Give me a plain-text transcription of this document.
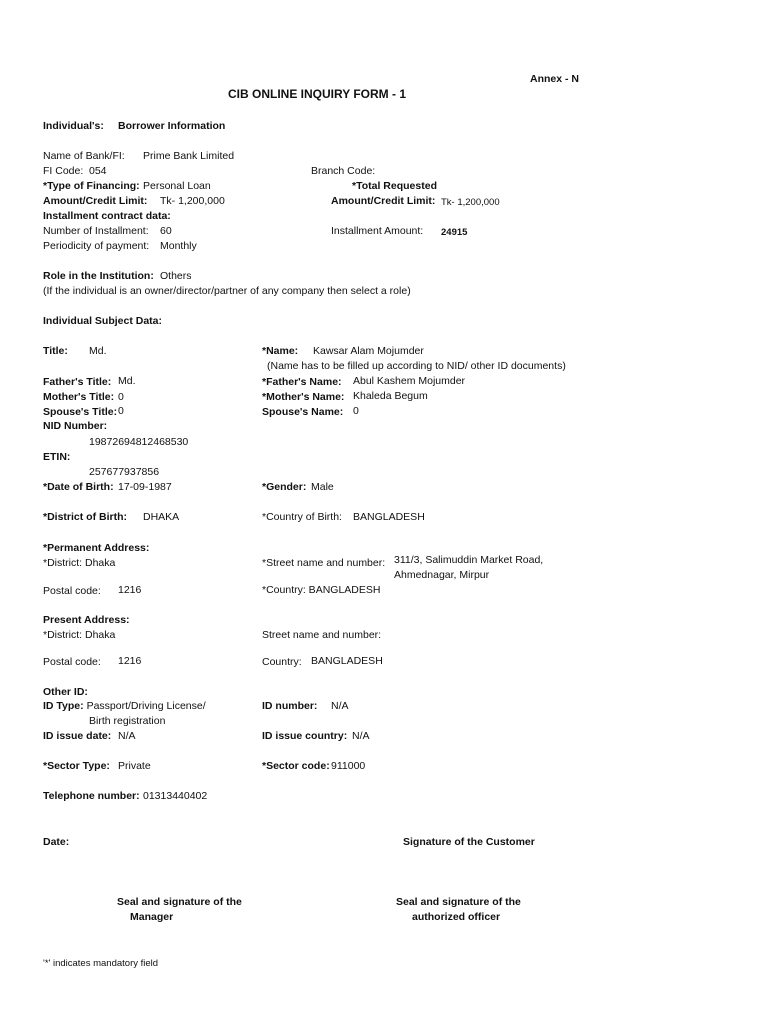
Annex - N
CIB ONLINE INQUIRY FORM - 1
Individual's: Borrower Information
Name of Bank/FI: Prime Bank Limited
FI Code: 054	Branch Code:
*Type of Financing: Personal Loan	*Total Requested
Amount/Credit Limit: Tk- 1,200,000	Amount/Credit Limit: Tk- 1,200,000
Installment contract data:
Number of Installment: 60	Installment Amount: 24915
Periodicity of payment: Monthly
Role in the Institution: Others
(If the individual is an owner/director/partner of any company then select a role)
Individual Subject Data:
Title: Md.	*Name: Kawsar Alam Mojumder
(Name has to be filled up according to NID/ other ID documents)
Father's Title: Md.	*Father's Name: Abul Kashem Mojumder
Mother's Title: 0	*Mother's Name: Khaleda Begum
Spouse's Title: 0	Spouse's Name: 0
NID Number:
19872694812468530
ETIN:
257677937856
*Date of Birth: 17-09-1987	*Gender: Male
*District of Birth: DHAKA	*Country of Birth: BANGLADESH
*Permanent Address:
*District: Dhaka	*Street name and number: 311/3, Salimuddin Market Road,
Ahmednagar, Mirpur
Postal code: 1216	*Country: BANGLADESH
Present Address:
*District: Dhaka	Street name and number:
Postal code: 1216	Country: BANGLADESH
Other ID:
ID Type: Passport/Driving License/
Birth registration
ID number: N/A
ID issue date: N/A	ID issue country: N/A
*Sector Type: Private	*Sector code: 911000
Telephone number: 01313440402
Date:	Signature of the Customer
Seal and signature of the
Manager
Seal and signature of the
authorized officer
'*' indicates mandatory field
